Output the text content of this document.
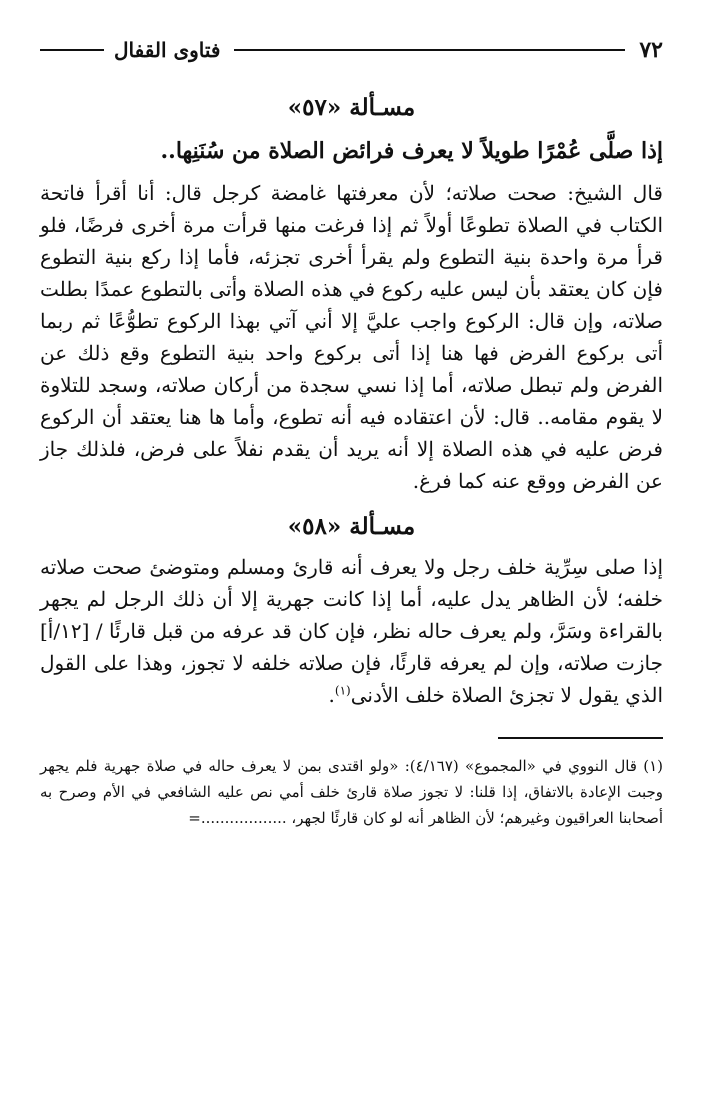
٧٢
فتاوى القفال
مسـألة «٥٧»

إذا صلَّى عُمْرًا طويلاً لا يعرف فرائض الصلاة من سُنَنِها..

قال الشيخ: صحت صلاته؛ لأن معرفتها غامضة كرجل قال: أنا أقرأ فاتحة الكتاب في الصلاة تطوعًا أولاً ثم إذا فرغت منها قرأت مرة أخرى فرضًا، فلو قرأ مرة واحدة بنية التطوع ولم يقرأ أخرى تجزئه، فأما إذا ركع بنية التطوع فإن كان يعتقد بأن ليس عليه ركوع في هذه الصلاة وأتى بالتطوع عمدًا بطلت صلاته، وإن قال: الركوع واجب عليَّ إلا أني آتي بهذا الركوع تطوُّعًا ثم ربما أتى بركوع الفرض فها هنا إذا أتى بركوع واحد بنية التطوع وقع ذلك عن الفرض ولم تبطل صلاته، أما إذا نسي سجدة من أركان صلاته، وسجد للتلاوة لا يقوم مقامه.. قال: لأن اعتقاده فيه أنه تطوع، وأما ها هنا يعتقد أن الركوع فرض عليه في هذه الصلاة إلا أنه يريد أن يقدم نفلاً على فرض، فلذلك جاز عن الفرض ووقع عنه كما فرغ.

مسـألة «٥٨»

إذا صلى سِرِّية خلف رجل ولا يعرف أنه قارئ ومسلم ومتوضئ صحت صلاته خلفه؛ لأن الظاهر يدل عليه، أما إذا كانت جهرية إلا أن ذلك الرجل لم يجهر بالقراءة وسَرَّ، ولم يعرف حاله نظر، فإن كان قد عرفه من قبل قارئًا / [١٢/أ] جازت صلاته، وإن لم يعرفه قارئًا، فإن صلاته خلفه لا تجوز، وهذا على القول الذي يقول لا تجزئ الصلاة خلف الأدنى$^{(١)}$.

(١) قال النووي في «المجموع» (٤/١٦٧): «ولو اقتدى بمن لا يعرف حاله في صلاة جهرية فلم يجهر وجبت الإعادة بالاتفاق، إذا قلنا: لا تجوز صلاة قارئ خلف أمي نص عليه الشافعي في الأم وصرح به أصحابنا العراقيون وغيرهم؛ لأن الظاهر أنه لو كان قارئًا لجهر، ..................=
